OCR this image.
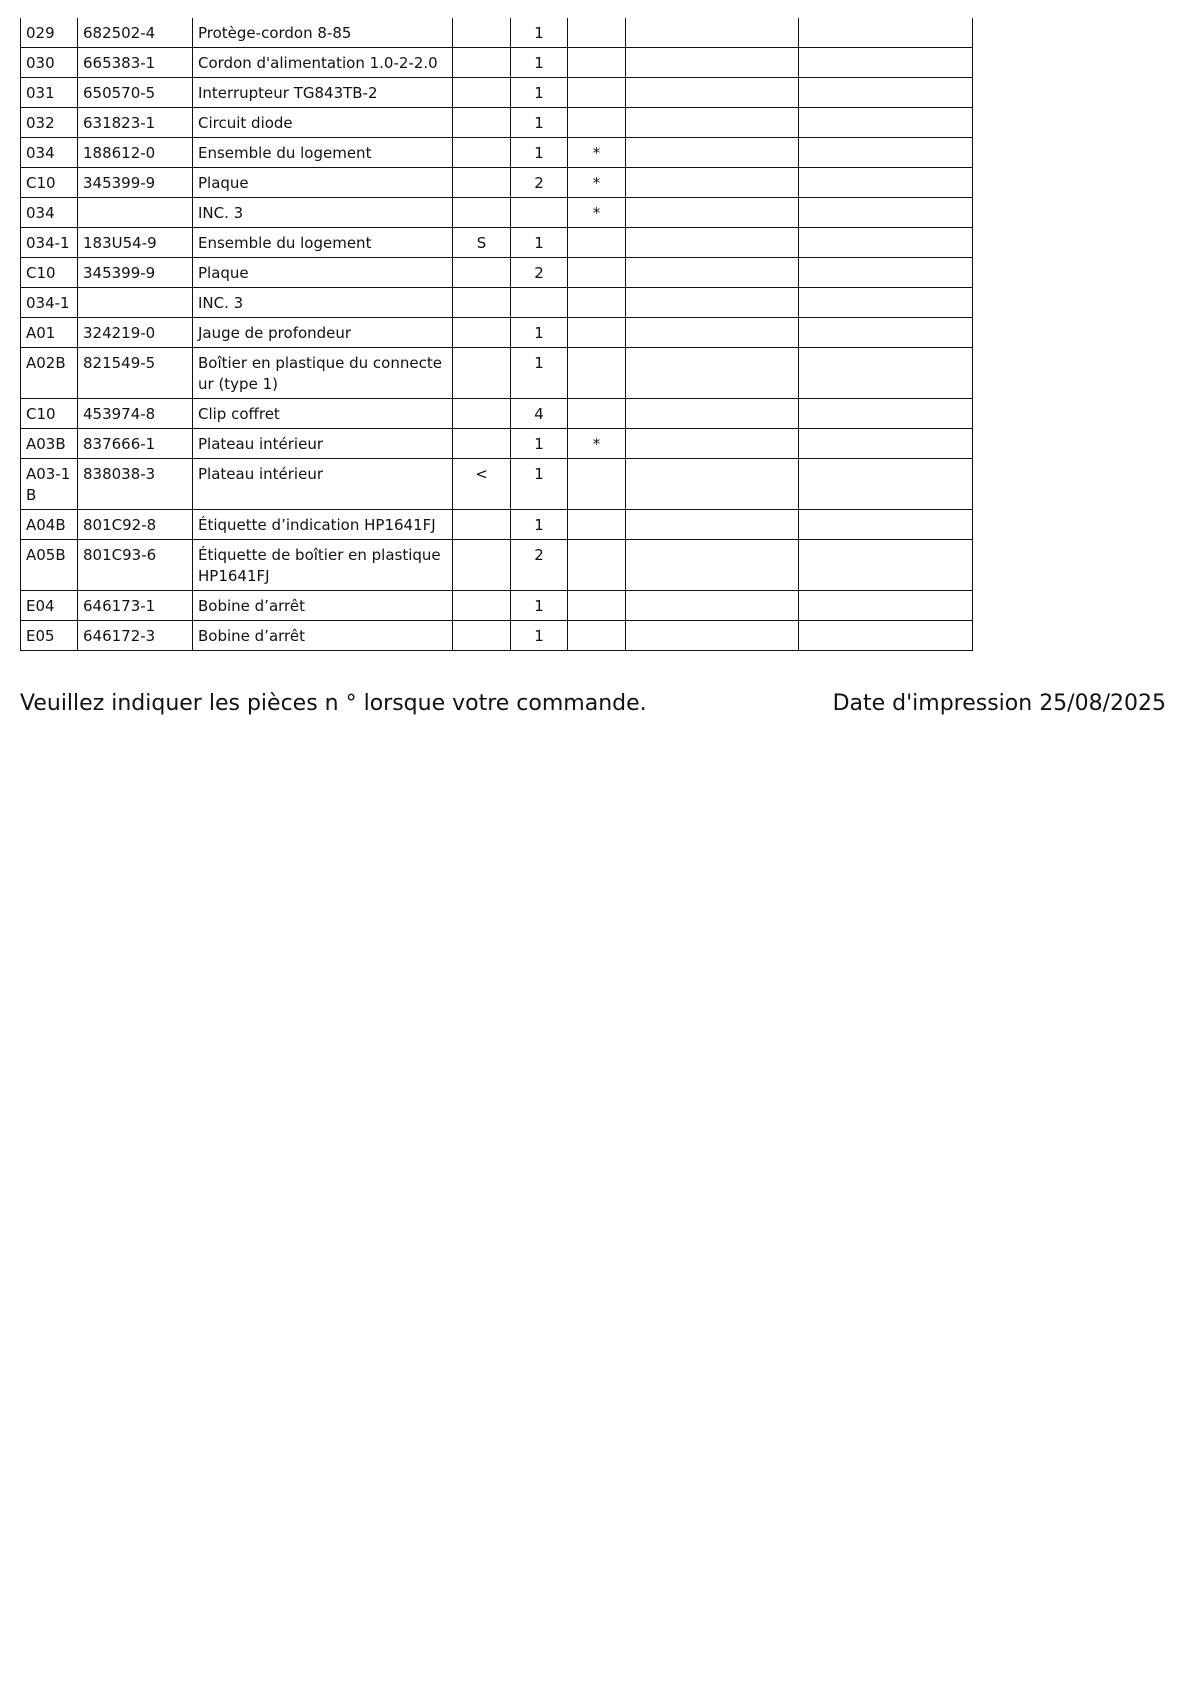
029	682502-4	Protège-cordon 8-85		1			
030	665383-1	Cordon d'alimentation 1.0-2-2.0		1			
031	650570-5	Interrupteur TG843TB-2		1			
032	631823-1	Circuit diode		1			
034	188612-0	Ensemble du logement		1	*		
C10	345399-9	Plaque		2	*		
034		INC. 3			*		
034-1	183U54-9	Ensemble du logement	S	1			
C10	345399-9	Plaque		2			
034-1		INC. 3					
A01	324219-0	Jauge de profondeur		1			
A02B	821549-5	Boîtier en plastique du connecteur (type 1)		1			
C10	453974-8	Clip coffret		4			
A03B	837666-1	Plateau intérieur		1	*		
A03-1B	838038-3	Plateau intérieur	<	1			
A04B	801C92-8	Étiquette d’indication HP1641FJ		1			
A05B	801C93-6	Étiquette de boîtier en plastique HP1641FJ		2			
E04	646173-1	Bobine d’arrêt		1			
E05	646172-3	Bobine d’arrêt		1			
Veuillez indiquer les pièces n ° lorsque votre commande.	Date d'impression 25/08/2025
